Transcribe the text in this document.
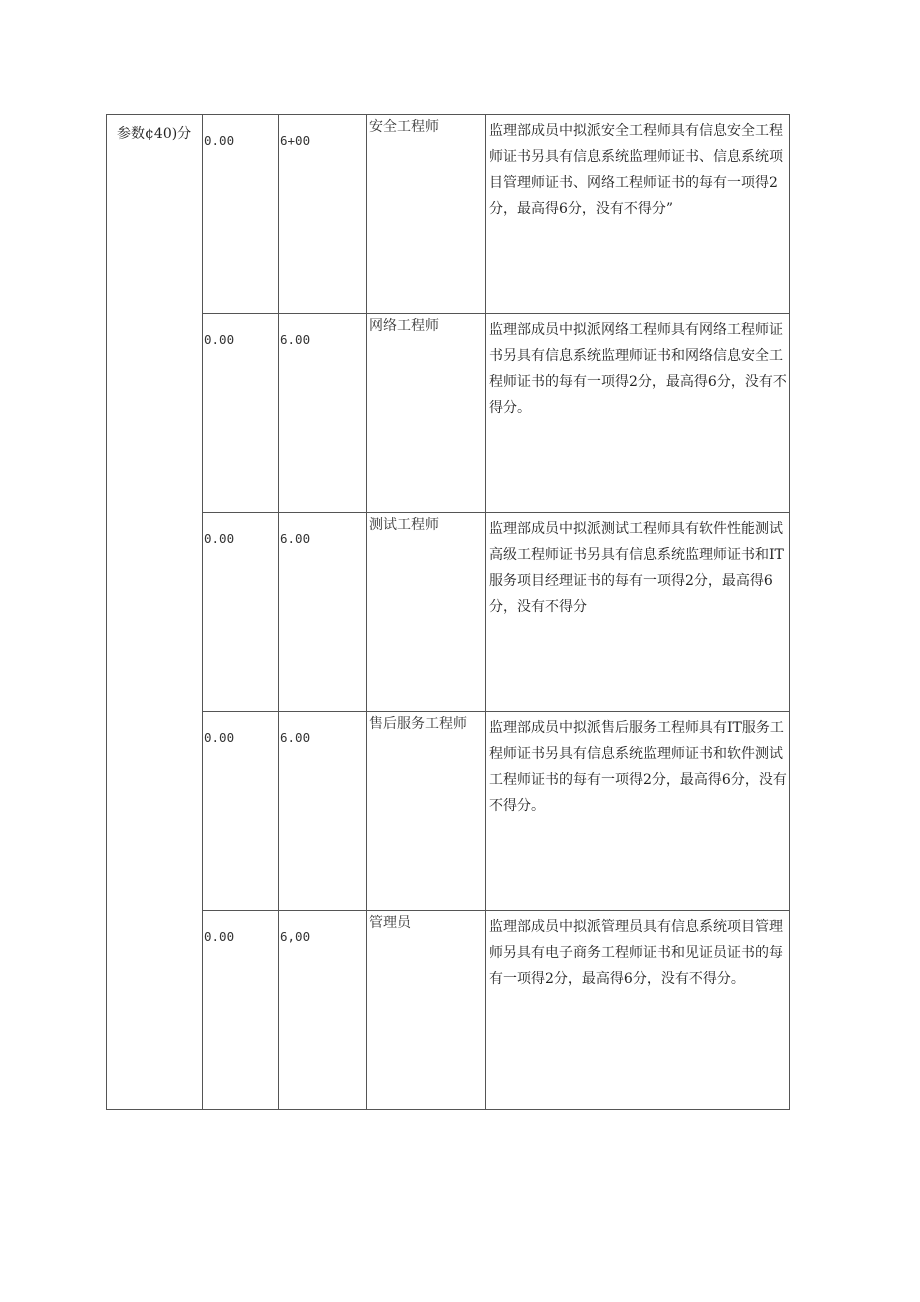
参数¢40)分	0.00	6+00	安全工程师	监理部成员中拟派安全工程师具有信息安全工程师证书另具有信息系统监理师证书、信息系统项目管理师证书、网络工程师证书的每有一项得2分，最高得6分，没有不得分”
	0.00	6.00	网络工程师	监理部成员中拟派网络工程师具有网络工程师证书另具有信息系统监理师证书和网络信息安全工程师证书的每有一项得2分，最高得6分，没有不得分。
	0.00	6.00	测试工程师	监理部成员中拟派测试工程师具有软件性能测试高级工程师证书另具有信息系统监理师证书和IT服务项目经理证书的每有一项得2分，最高得6分，没有不得分
	0.00	6.00	售后服务工程师	监理部成员中拟派售后服务工程师具有IT服务工程师证书另具有信息系统监理师证书和软件测试工程师证书的每有一项得2分，最高得6分，没有不得分。
	0.00	6,00	管理员	监理部成员中拟派管理员具有信息系统项目管理师另具有电子商务工程师证书和见证员证书的每有一项得2分，最高得6分，没有不得分。
